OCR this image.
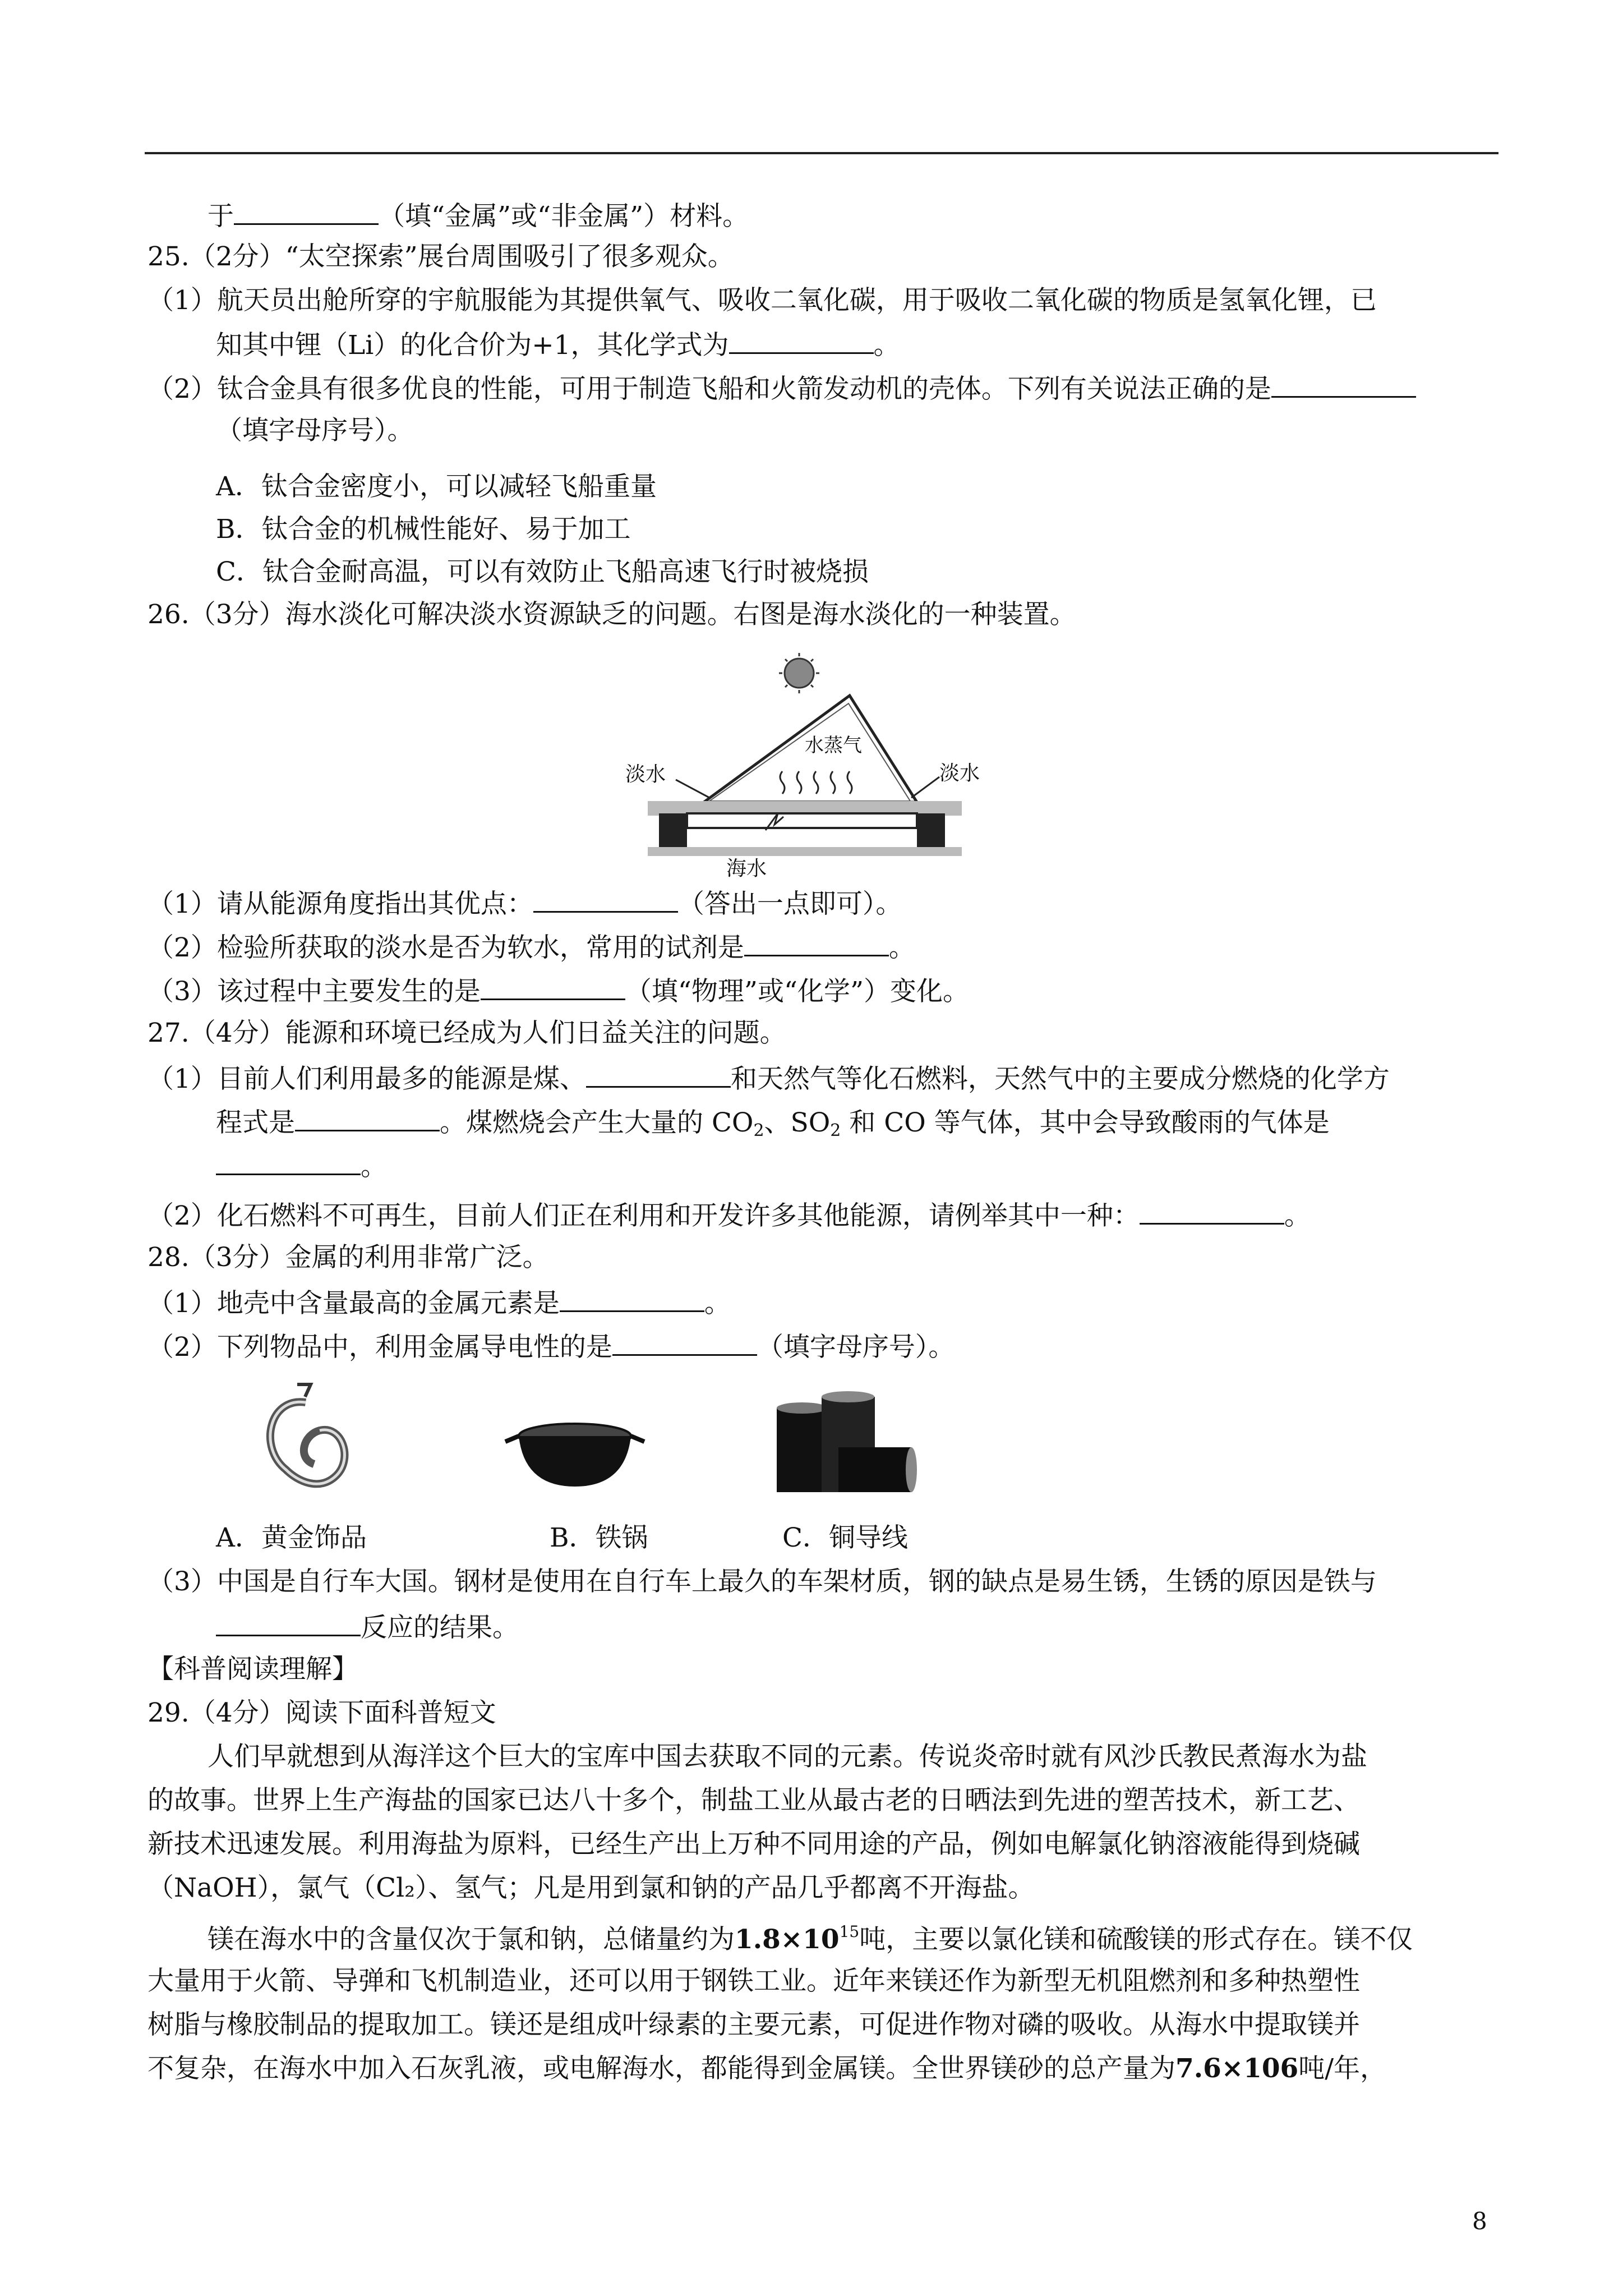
于	（填“金属”或“非金属”）材料。
25.（2分）“太空探索”展台周围吸引了很多观众。
（1）航天员出舱所穿的宇航服能为其提供氧气、吸收二氧化碳，用于吸收二氧化碳的物质是氢氧化锂，已
知其中锂（Li）的化合价为+1，其化学式为	。
（2）钛合金具有很多优良的性能，可用于制造飞船和火箭发动机的壳体。下列有关说法正确的是
（填字母序号）。
A．钛合金密度小，可以减轻飞船重量
B．钛合金的机械性能好、易于加工
C．钛合金耐高温，可以有效防止飞船高速飞行时被烧损
26.（3分）海水淡化可解决淡水资源缺乏的问题。右图是海水淡化的一种装置。
淡水	淡水
水蒸气
海水
（1）请从能源角度指出其优点：	（答出一点即可）。
（2）检验所获取的淡水是否为软水，常用的试剂是	。
（3）该过程中主要发生的是	（填“物理”或“化学”）变化。
27.（4分）能源和环境已经成为人们日益关注的问题。
（1）目前人们利用最多的能源是煤、	和天然气等化石燃料，天然气中的主要成分燃烧的化学方
程式是	。煤燃烧会产生大量的 $CO_2$、$SO_2$ 和 CO 等气体，其中会导致酸雨的气体是
。
（2）化石燃料不可再生，目前人们正在利用和开发许多其他能源，请例举其中一种：	。
28.（3分）金属的利用非常广泛。
（1）地壳中含量最高的金属元素是	。
（2）下列物品中，利用金属导电性的是	（填字母序号）。
A．黄金饰品	B．铁锅	C．铜导线
（3）中国是自行车大国。钢材是使用在自行车上最久的车架材质，钢的缺点是易生锈，生锈的原因是铁与
反应的结果。
【科普阅读理解】
29.（4分）阅读下面科普短文
人们早就想到从海洋这个巨大的宝库中国去获取不同的元素。传说炎帝时就有风沙氏教民煮海水为盐
的故事。世界上生产海盐的国家已达八十多个，制盐工业从最古老的日晒法到先进的塑苦技术，新工艺、
新技术迅速发展。利用海盐为原料，已经生产出上万种不同用途的产品，例如电解氯化钠溶液能得到烧碱
（NaOH），氯气（Cl₂）、氢气；凡是用到氯和钠的产品几乎都离不开海盐。
镁在海水中的含量仅次于氯和钠，总储量约为$1.8\times 10^{15}$吨，主要以氯化镁和硫酸镁的形式存在。镁不仅
大量用于火箭、导弹和飞机制造业，还可以用于钢铁工业。近年来镁还作为新型无机阻燃剂和多种热塑性
树脂与橡胶制品的提取加工。镁还是组成叶绿素的主要元素，可促进作物对磷的吸收。从海水中提取镁并
不复杂，在海水中加入石灰乳液，或电解海水，都能得到金属镁。全世界镁砂的总产量为7.6×106吨/年，
8
